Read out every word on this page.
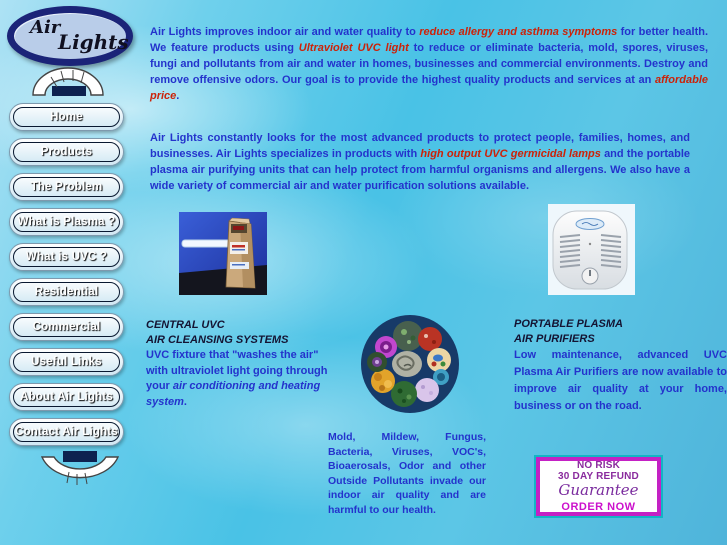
Air
Lights
Home
Products
The Problem
What is Plasma ?
What is UVC ?
Residential
Commercial
Useful Links
About Air Lights
Contact Air Lights

Air Lights improves indoor air and water quality to reduce allergy and asthma symptoms for better health. We feature products using Ultraviolet UVC light to reduce or eliminate bacteria, mold, spores, viruses, fungi and pollutants from air and water in homes, businesses and commercial environments. Destroy and remove offensive odors. Our goal is to provide the highest quality products and services at an affordable price.

Air Lights constantly looks for the most advanced products to protect people, families, homes, and businesses. Air Lights specializes in products with high output UVC germicidal lamps and the portable plasma air purifying units that can help protect from harmful organisms and allergens. We also have a wide variety of commercial air and water purification solutions available.

CENTRAL UVC
AIR CLEANSING SYSTEMS
UVC fixture that "washes the air" with ultraviolet light going through your air conditioning and heating system.
PORTABLE PLASMA
AIR PURIFIERS
Low maintenance, advanced UVC Plasma Air Purifiers are now available to improve air quality at your home, business or on the road.

Mold, Mildew, Fungus, Bacteria, Viruses, VOC's, Bioaerosals, Odor and other Outside Pollutants invade our indoor air quality and are harmful to our health.

NO RISK
30 DAY REFUND
Guarantee
ORDER NOW
